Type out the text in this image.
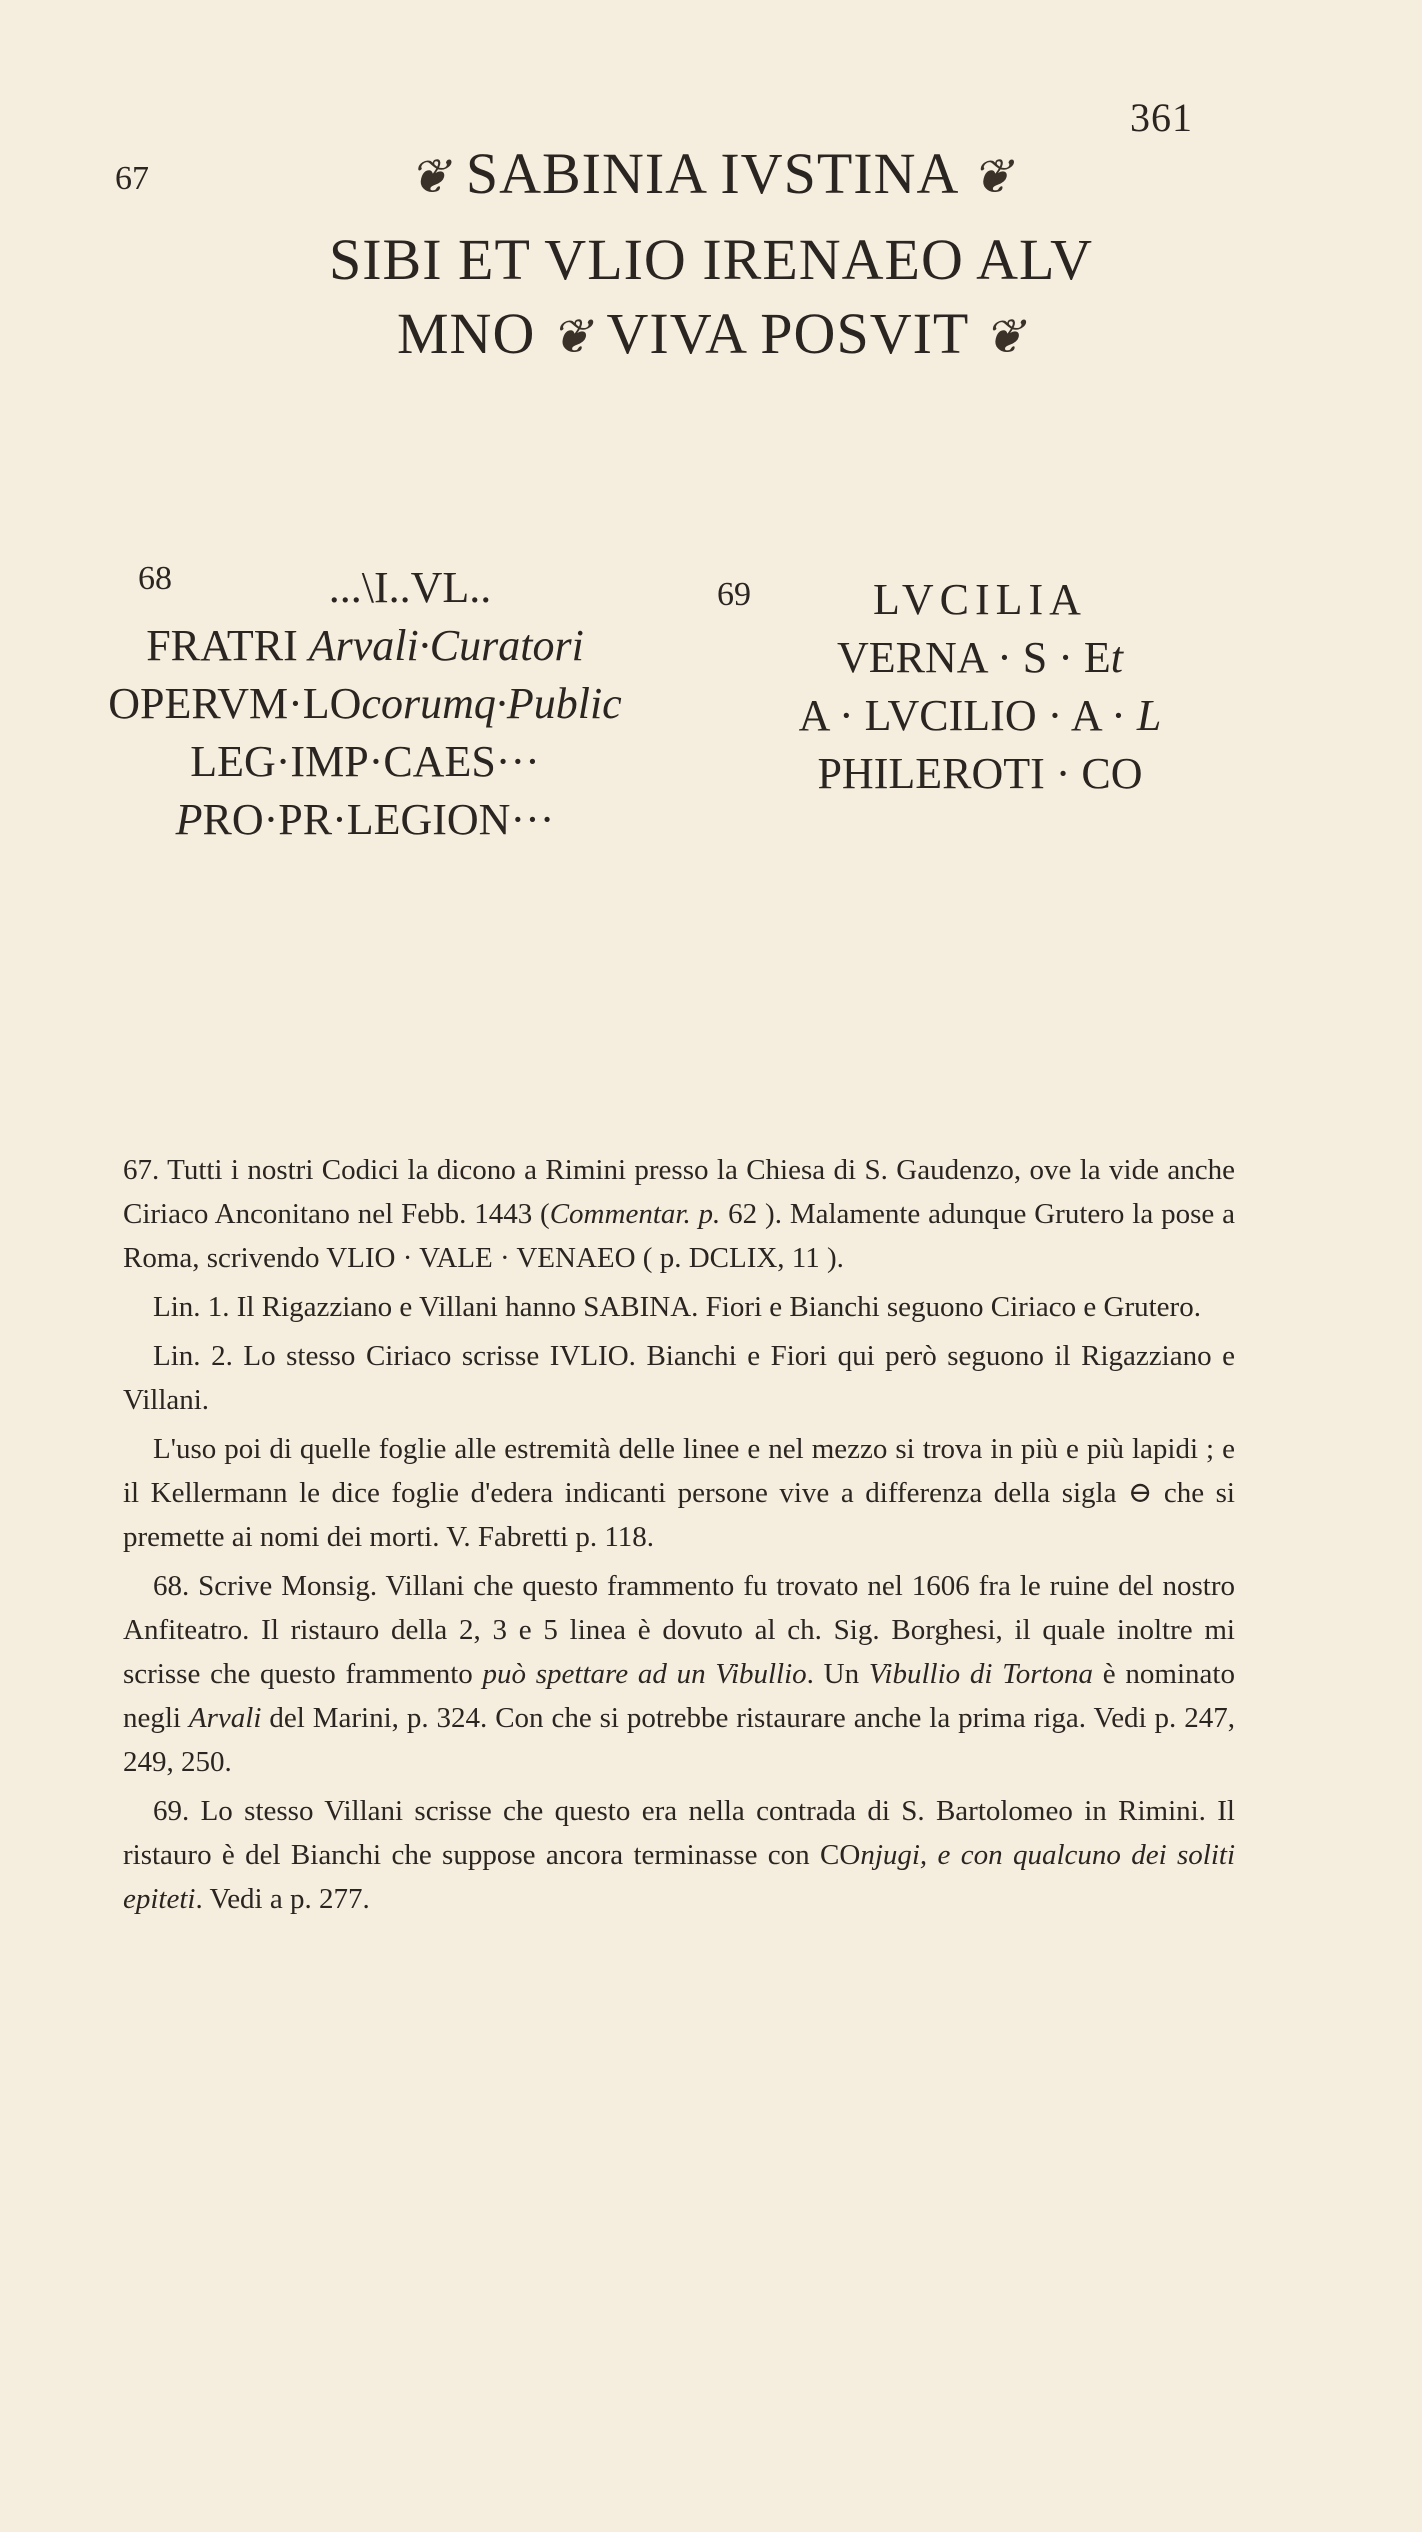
361
67	❦ SABINIA IVSTINA ❦
SIBI ET VLIO IRENAEO ALV
MNO ❦ VIVA POSVIT ❦
68	...\I..VL..
FRATRI Arvali·Curatori
OPERVM·LOcorumq·Public
LEG·IMP·CAES···
PRO·PR·LEGION···
69	LVCILIA
VERNA · S · Et
A · LVCILIO · A · L
PHILEROTI · CO

67. Tutti i nostri Codici la dicono a Rimini presso la Chiesa di S. Gaudenzo, ove la vide anche Ciriaco Anconitano nel Febb. 1443 (Commentar. p. 62 ). Malamente adunque Grutero la pose a Roma, scrivendo VLIO · VALE · VENAEO ( p. DCLIX, 11 ).

Lin. 1. Il Rigazziano e Villani hanno SABINA. Fiori e Bianchi seguono Ciriaco e Grutero.

Lin. 2. Lo stesso Ciriaco scrisse IVLIO. Bianchi e Fiori qui però seguono il Rigazziano e Villani.

L'uso poi di quelle foglie alle estremità delle linee e nel mezzo si trova in più e più lapidi ; e il Kellermann le dice foglie d'edera indicanti persone vive a differenza della sigla ⊖ che si premette ai nomi dei morti. V. Fabretti p. 118.

68. Scrive Monsig. Villani che questo frammento fu trovato nel 1606 fra le ruine del nostro Anfiteatro. Il ristauro della 2, 3 e 5 linea è dovuto al ch. Sig. Borghesi, il quale inoltre mi scrisse che questo frammento può spettare ad un Vibullio. Un Vibullio di Tortona è nominato negli Arvali del Marini, p. 324. Con che si potrebbe ristaurare anche la prima riga. Vedi p. 247, 249, 250.

69. Lo stesso Villani scrisse che questo era nella contrada di S. Bartolomeo in Rimini. Il ristauro è del Bianchi che suppose ancora terminasse con COnjugi, e con qualcuno dei soliti epiteti. Vedi a p. 277.
